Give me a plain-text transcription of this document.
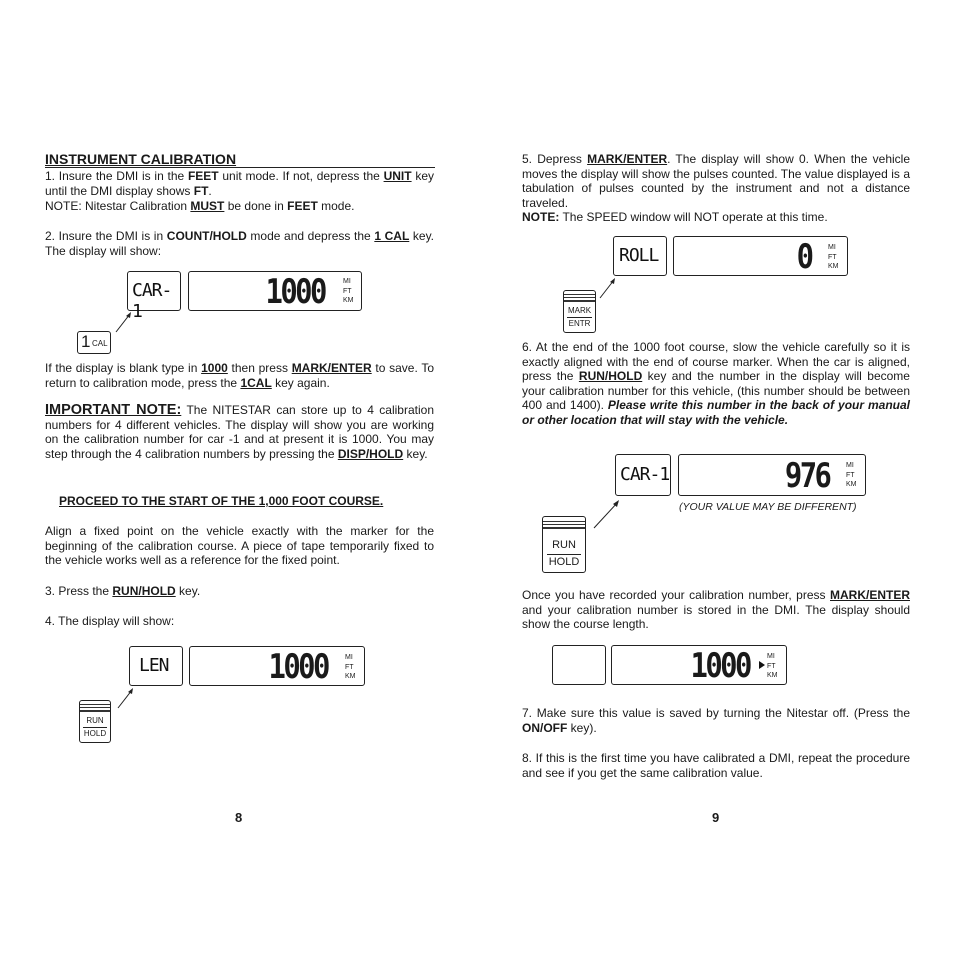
INSTRUMENT CALIBRATION

1. Insure the DMI is in the FEET unit mode. If not, depress the UNIT key until the DMI display shows FT.

NOTE: Nitestar Calibration MUST be done in FEET mode.

2. Insure the DMI is in COUNT/HOLD mode and depress the 1 CAL key. The display will show:

CAR-1	1000	MI
FT
KM
1 CAL

If the display is blank type in 1000 then press MARK/ENTER to save. To return to calibration mode, press the 1CAL key again.

IMPORTANT NOTE: The NITESTAR can store up to 4 calibration numbers for 4 different vehicles. The display will show you are working on the calibration number for car -1 and at present it is 1000. You may step through the 4 calibration numbers by pressing the DISP/HOLD key.

PROCEED TO THE START OF THE 1,000 FOOT COURSE.

Align a fixed point on the vehicle exactly with the marker for the beginning of the calibration course. A piece of tape temporarily fixed to the vehicle works well as a reference for the fixed point.

3. Press the RUN/HOLD key.

4. The display will show:

LEN	1000 MI
FT
KM
RUN
HOLD
8

5. Depress MARK/ENTER. The display will show 0. When the vehicle moves the display will show the pulses counted. The value displayed is a tabulation of pulses counted by the instrument and not a distance traveled.

NOTE: The SPEED window will NOT operate at this time.

ROLL	0 MI
FT
KM
MARK
ENTR

6. At the end of the 1000 foot course, slow the vehicle carefully so it is exactly aligned with the end of course marker. When the car is aligned, press the RUN/HOLD key and the number in the display will become your calibration number for this vehicle, (this number should be between 400 and 1400). Please write this number in the back of your manual or other location that will stay with the vehicle.

CAR-1	976 MI
FT
KM
(YOUR VALUE MAY BE DIFFERENT)
RUN
HOLD

Once you have recorded your calibration number, press MARK/ENTER and your calibration number is stored in the DMI. The display should show the course length.

1000 MI
FT
KM

7. Make sure this value is saved by turning the Nitestar off. (Press the ON/OFF key).

8. If this is the first time you have calibrated a DMI, repeat the procedure and see if you get the same calibration value.

9
